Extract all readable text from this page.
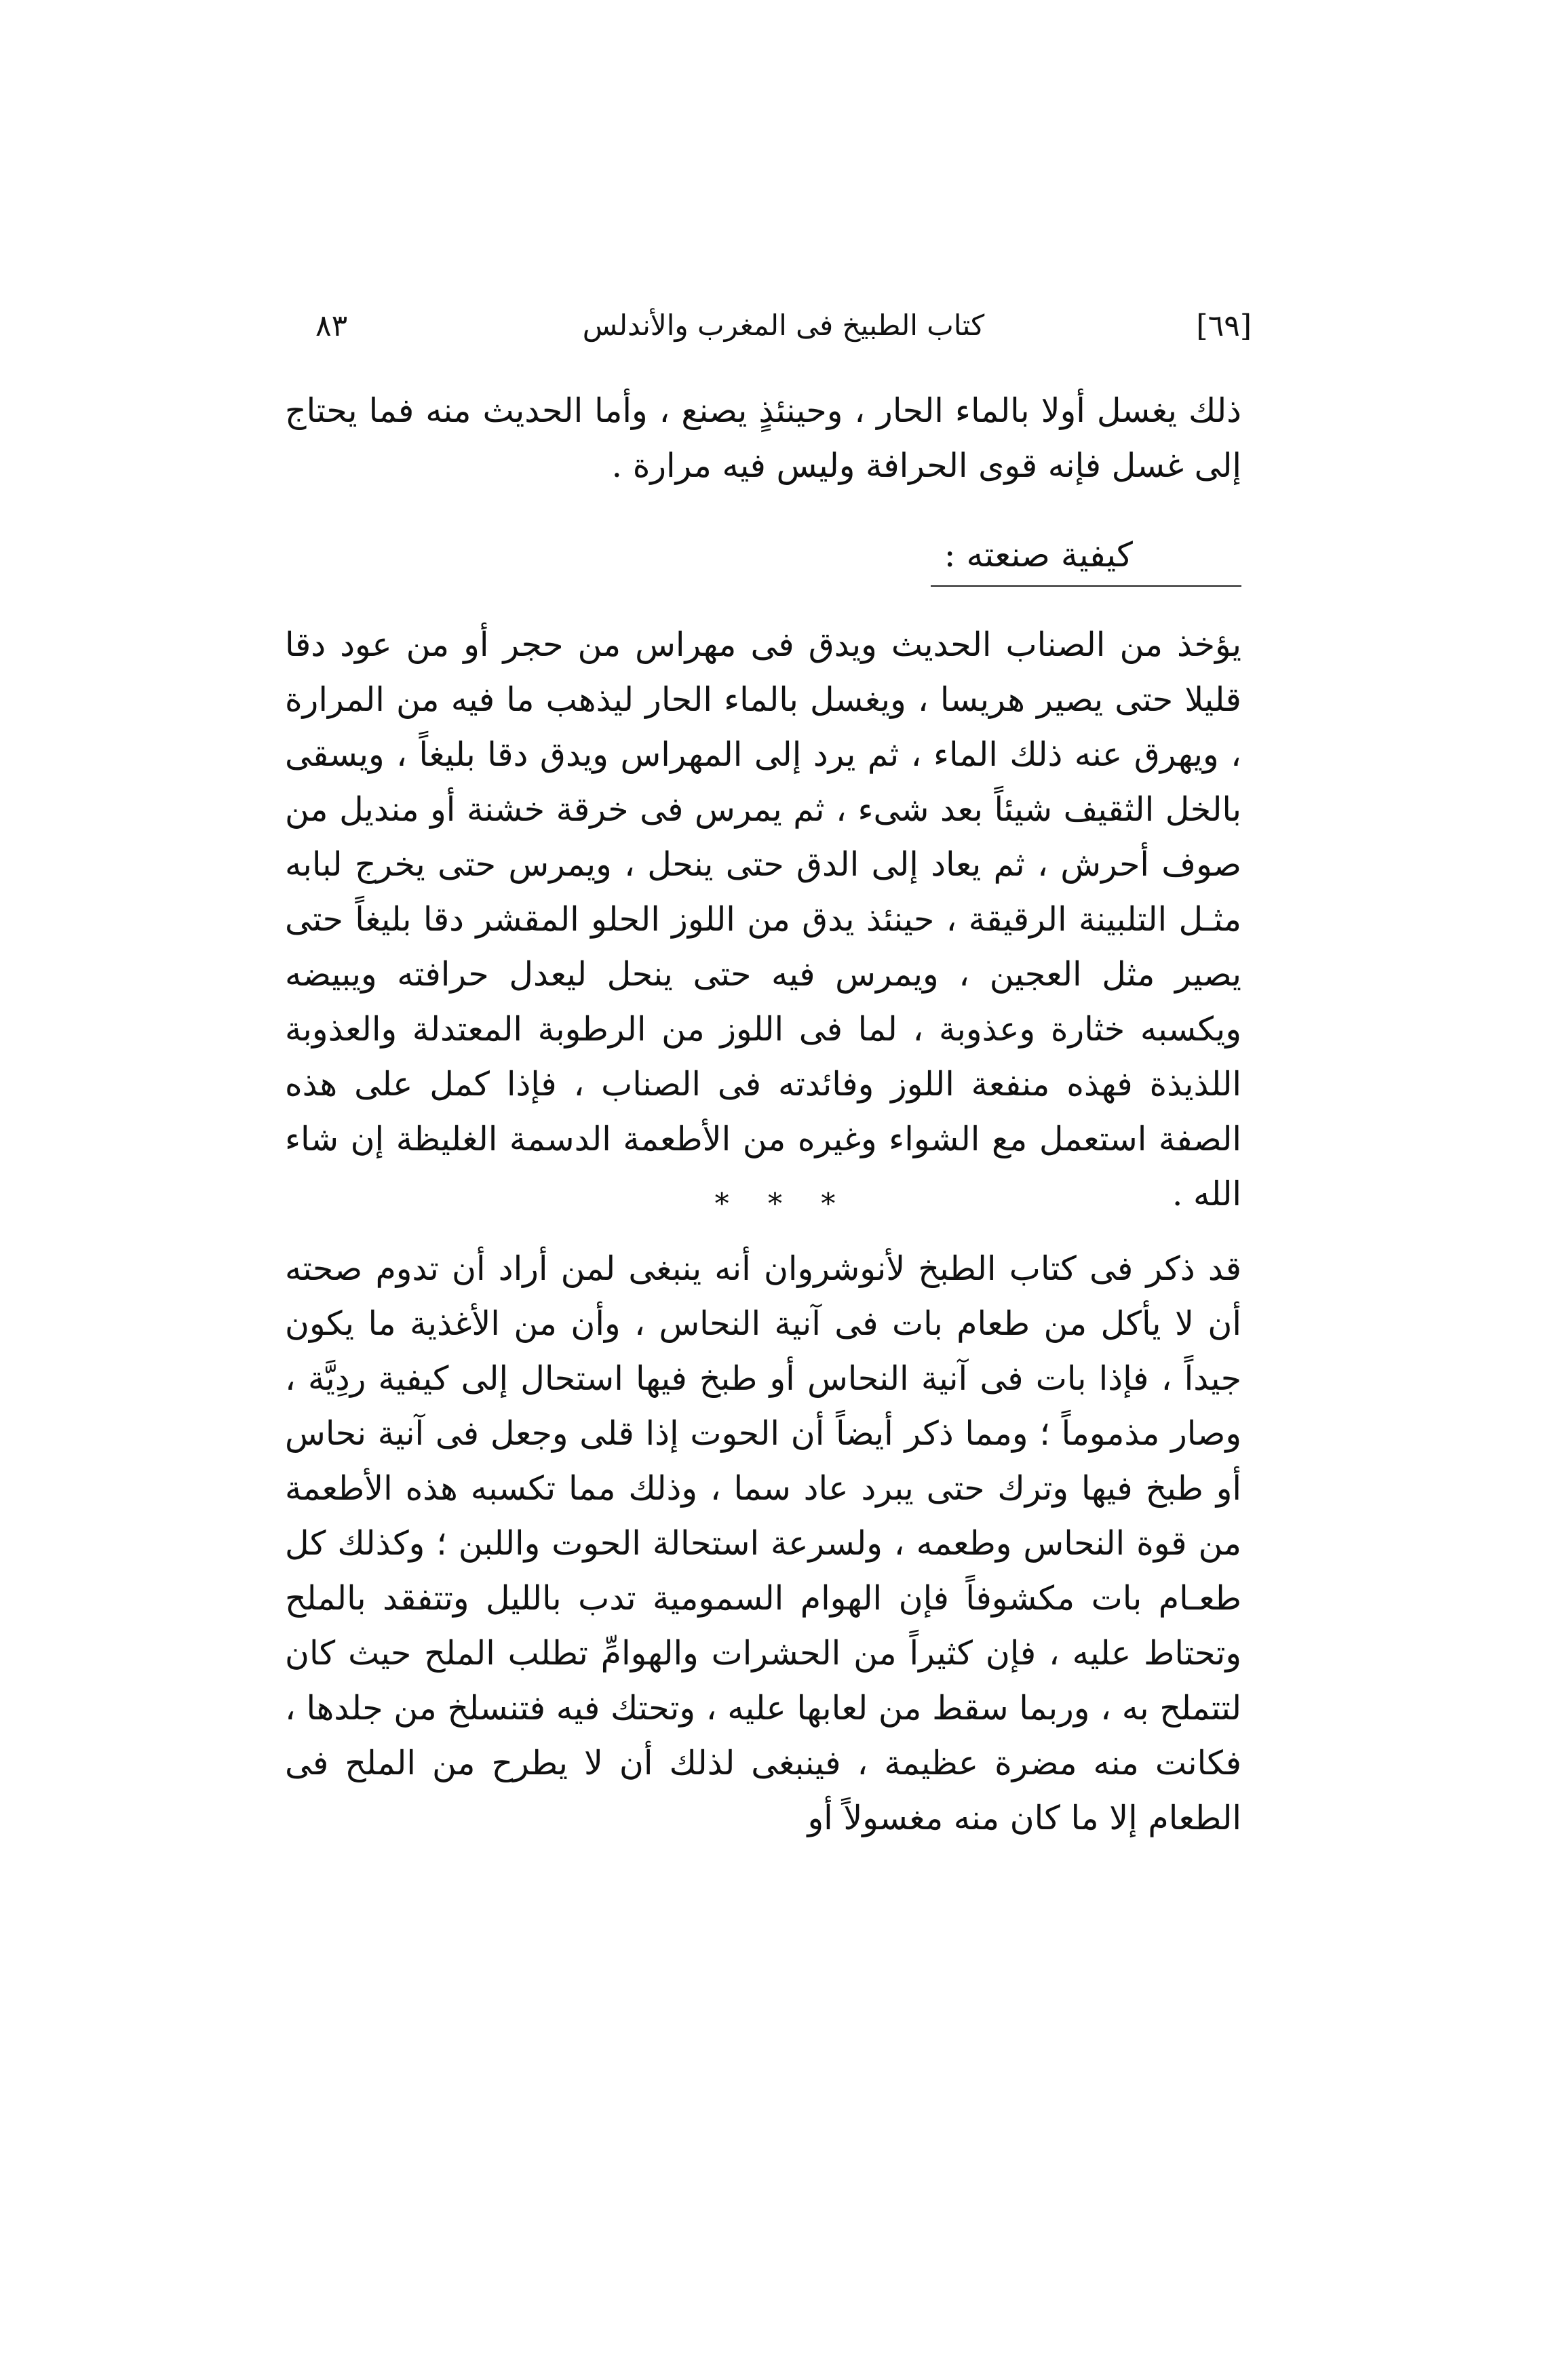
٨٣	كتاب الطبيخ فى المغرب والأندلس	[٦٩]

ذلك يغسل أولا بالماء الحار ، وحينئذٍ يصنع ، وأما الحديث منه فما يحتاج إلى غسل فإنه قوى الحرافة وليس فيه مرارة .

كيفية صنعته :

يؤخذ من الصناب الحديث ويدق فى مهراس من حجر أو من عود دقا قليلا حتى يصير هريسا ، ويغسل بالماء الحار ليذهب ما فيه من المرارة ، ويهرق عنه ذلك الماء ، ثم يرد إلى المهراس ويدق دقا بليغاً ، ويسقى بالخل الثقيف شيئاً بعد شىء ، ثم يمرس فى خرقة خشنة أو منديل من صوف أحرش ، ثم يعاد إلى الدق حتى ينحل ، ويمرس حتى يخرج لبابه مثـل التلبينة الرقيقة ، حينئذ يدق من اللوز الحلو المقشر دقا بليغاً حتى يصير مثل العجين ، ويمرس فيه حتى ينحل ليعدل حرافته ويبيضه ويكسبه خثارة وعذوبة ، لما فى اللوز من الرطوبة المعتدلة والعذوبة اللذيذة فهذه منفعة اللوز وفائدته فى الصناب ، فإذا كمل على هذه الصفة استعمل مع الشواء وغيره من الأطعمة الدسمة الغليظة إن شاء الله .

* * *

قد ذكر فى كتاب الطبخ لأنوشروان أنه ينبغى لمن أراد أن تدوم صحته أن لا يأكل من طعام بات فى آنية النحاس ، وأن من الأغذية ما يكون جيداً ، فإذا بات فى آنية النحاس أو طبخ فيها استحال إلى كيفية ردِيَّة ، وصار مذموماً ؛ ومما ذكر أيضاً أن الحوت إذا قلى وجعل فى آنية نحاس أو طبخ فيها وترك حتى يبرد عاد سما ، وذلك مما تكسبه هذه الأطعمة من قوة النحاس وطعمه ، ولسرعة استحالة الحوت واللبن ؛ وكذلك كل طعـام بات مكشوفاً فإن الهوام السمومية تدب بالليل وتتفقد بالملح وتحتاط عليه ، فإن كثيراً من الحشرات والهوامِّ تطلب الملح حيث كان لتتملح به ، وربما سقط من لعابها عليه ، وتحتك فيه فتنسلخ من جلدها ، فكانت منه مضرة عظيمة ، فينبغى لذلك أن لا يطرح من الملح فى الطعام إلا ما كان منه مغسولاً أو
